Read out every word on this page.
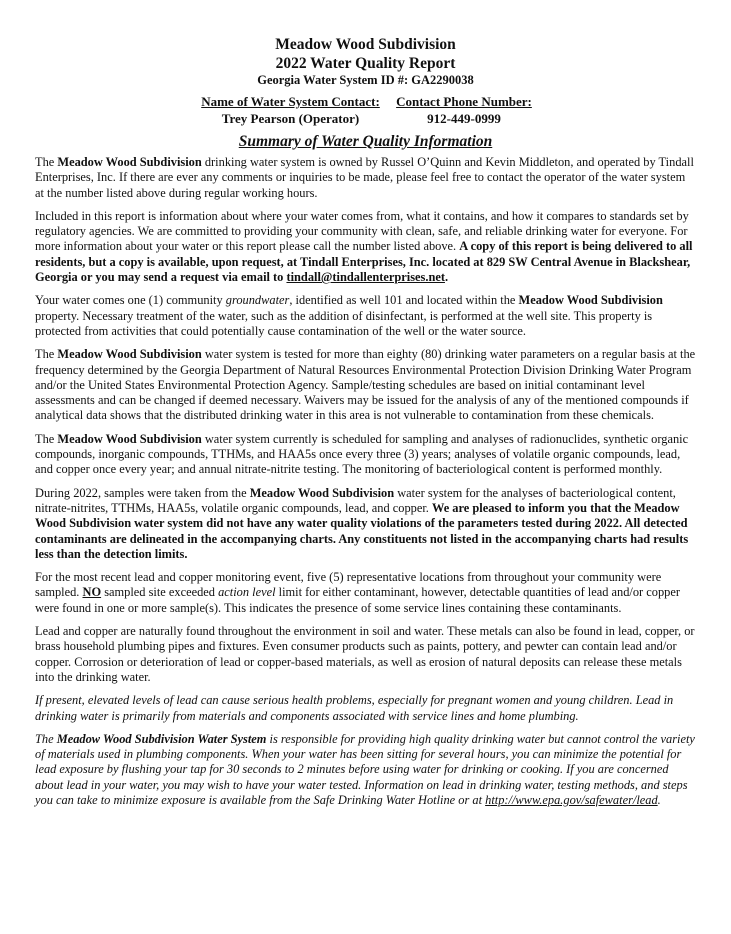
Meadow Wood Subdivision
2022 Water Quality Report
Georgia Water System ID #: GA2290038
Name of Water System Contact:
Trey Pearson (Operator)
Contact Phone Number:
912-449-0999
Summary of Water Quality Information

The Meadow Wood Subdivision drinking water system is owned by Russel O’Quinn and Kevin Middleton, and operated by Tindall Enterprises, Inc. If there are ever any comments or inquiries to be made, please feel free to contact the operator of the water system at the number listed above during regular working hours.

Included in this report is information about where your water comes from, what it contains, and how it compares to standards set by regulatory agencies. We are committed to providing your community with clean, safe, and reliable drinking water for everyone. For more information about your water or this report please call the number listed above. A copy of this report is being delivered to all residents, but a copy is available, upon request, at Tindall Enterprises, Inc. located at 829 SW Central Avenue in Blackshear, Georgia or you may send a request via email to tindall@tindallenterprises.net.

Your water comes one (1) community groundwater, identified as well 101 and located within the Meadow Wood Subdivision property. Necessary treatment of the water, such as the addition of disinfectant, is performed at the well site. This property is protected from activities that could potentially cause contamination of the well or the water source.

The Meadow Wood Subdivision water system is tested for more than eighty (80) drinking water parameters on a regular basis at the frequency determined by the Georgia Department of Natural Resources Environmental Protection Division Drinking Water Program and/or the United States Environmental Protection Agency. Sample/testing schedules are based on initial contaminant level assessments and can be changed if deemed necessary. Waivers may be issued for the analysis of any of the mentioned compounds if analytical data shows that the distributed drinking water in this area is not vulnerable to contamination from these chemicals.

The Meadow Wood Subdivision water system currently is scheduled for sampling and analyses of radionuclides, synthetic organic compounds, inorganic compounds, TTHMs, and HAA5s once every three (3) years; analyses of volatile organic compounds, lead, and copper once every year; and annual nitrate-nitrite testing. The monitoring of bacteriological content is performed monthly.

During 2022, samples were taken from the Meadow Wood Subdivision water system for the analyses of bacteriological content, nitrate-nitrites, TTHMs, HAA5s, volatile organic compounds, lead, and copper. We are pleased to inform you that the Meadow Wood Subdivision water system did not have any water quality violations of the parameters tested during 2022. All detected contaminants are delineated in the accompanying charts. Any constituents not listed in the accompanying charts had results less than the detection limits.

For the most recent lead and copper monitoring event, five (5) representative locations from throughout your community were sampled. NO sampled site exceeded action level limit for either contaminant, however, detectable quantities of lead and/or copper were found in one or more sample(s). This indicates the presence of some service lines containing these contaminants.

Lead and copper are naturally found throughout the environment in soil and water. These metals can also be found in lead, copper, or brass household plumbing pipes and fixtures. Even consumer products such as paints, pottery, and pewter can contain lead and/or copper. Corrosion or deterioration of lead or copper-based materials, as well as erosion of natural deposits can release these metals into the drinking water.

If present, elevated levels of lead can cause serious health problems, especially for pregnant women and young children. Lead in drinking water is primarily from materials and components associated with service lines and home plumbing.

The Meadow Wood Subdivision Water System is responsible for providing high quality drinking water but cannot control the variety of materials used in plumbing components. When your water has been sitting for several hours, you can minimize the potential for lead exposure by flushing your tap for 30 seconds to 2 minutes before using water for drinking or cooking. If you are concerned about lead in your water, you may wish to have your water tested. Information on lead in drinking water, testing methods, and steps you can take to minimize exposure is available from the Safe Drinking Water Hotline or at http://www.epa.gov/safewater/lead.
